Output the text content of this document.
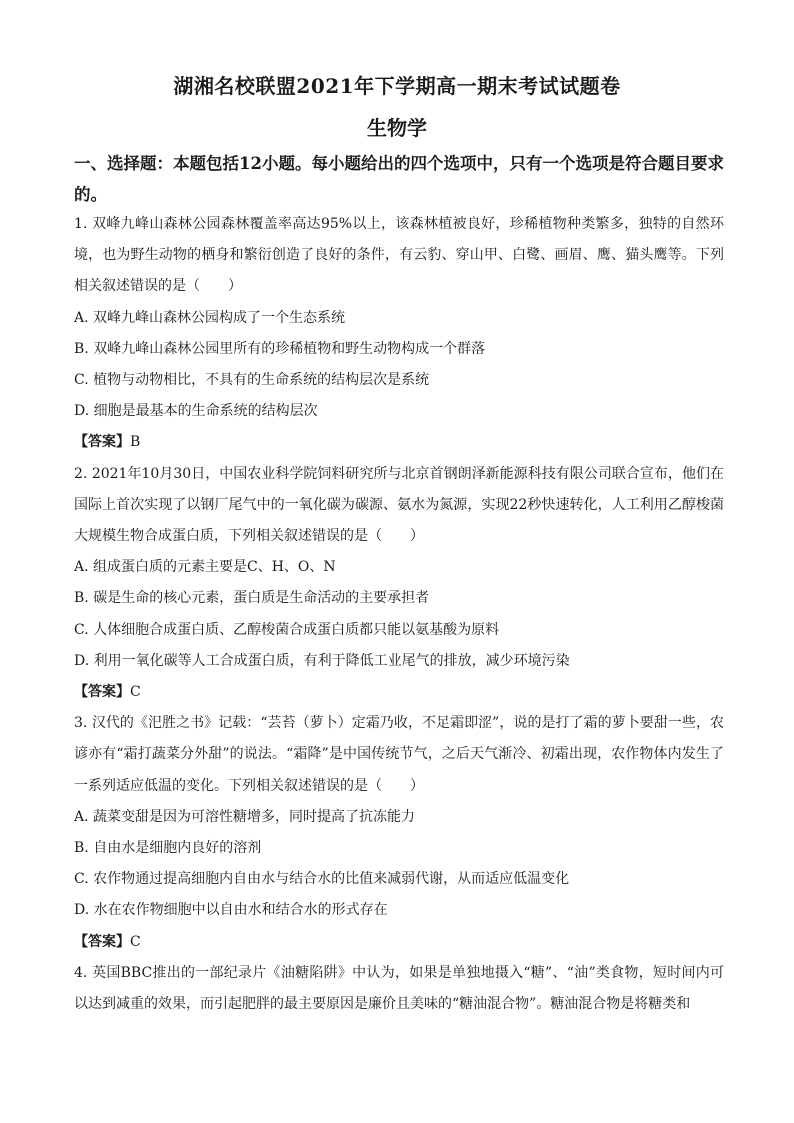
湖湘名校联盟2021年下学期高一期末考试试题卷
生物学
一、选择题：本题包括12小题。每小题给出的四个选项中，只有一个选项是符合题目要求的。

1. 双峰九峰山森林公园森林覆盖率高达95%以上，该森林植被良好，珍稀植物种类繁多，独特的自然环境，也为野生动物的栖身和繁衍创造了良好的条件，有云豹、穿山甲、白鹭、画眉、鹰、猫头鹰等。下列相关叙述错误的是（　　）

A. 双峰九峰山森林公园构成了一个生态系统

B. 双峰九峰山森林公园里所有的珍稀植物和野生动物构成一个群落

C. 植物与动物相比，不具有的生命系统的结构层次是系统

D. 细胞是最基本的生命系统的结构层次

【答案】B

2. 2021年10月30日，中国农业科学院饲料研究所与北京首钢朗泽新能源科技有限公司联合宣布，他们在国际上首次实现了以钢厂尾气中的一氧化碳为碳源、氨水为氮源，实现22秒快速转化，人工利用乙醇梭菌大规模生物合成蛋白质，下列相关叙述错误的是（　　）

A. 组成蛋白质的元素主要是C、H、O、N

B. 碳是生命的核心元素，蛋白质是生命活动的主要承担者

C. 人体细胞合成蛋白质、乙醇梭菌合成蛋白质都只能以氨基酸为原料

D. 利用一氧化碳等人工合成蛋白质，有利于降低工业尾气的排放，减少环境污染

【答案】C

3. 汉代的《汜胜之书》记载：“芸苔（萝卜）定霜乃收，不足霜即涩”，说的是打了霜的萝卜要甜一些，农谚亦有“霜打蔬菜分外甜”的说法。“霜降”是中国传统节气，之后天气渐冷、初霜出现，农作物体内发生了一系列适应低温的变化。下列相关叙述错误的是（　　）

A. 蔬菜变甜是因为可溶性糖增多，同时提高了抗冻能力

B. 自由水是细胞内良好的溶剂

C. 农作物通过提高细胞内自由水与结合水的比值来减弱代谢，从而适应低温变化

D. 水在农作物细胞中以自由水和结合水的形式存在

【答案】C

4. 英国BBC推出的一部纪录片《油糖陷阱》中认为，如果是单独地摄入“糖”、“油”类食物，短时间内可以达到减重的效果，而引起肥胖的最主要原因是廉价且美味的“糖油混合物”。糖油混合物是将糖类和
